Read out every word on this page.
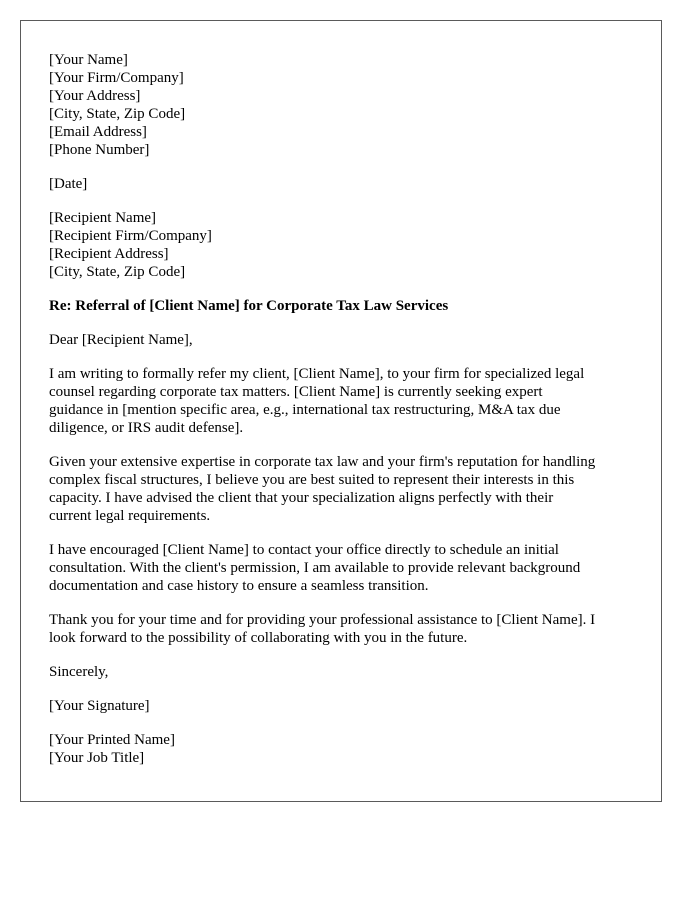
[Your Name]
[Your Firm/Company]
[Your Address]
[City, State, Zip Code]
[Email Address]
[Phone Number]
[Date]
[Recipient Name]
[Recipient Firm/Company]
[Recipient Address]
[City, State, Zip Code]
Re: Referral of [Client Name] for Corporate Tax Law Services
Dear [Recipient Name],

I am writing to formally refer my client, [Client Name], to your firm for specialized legal
counsel regarding corporate tax matters. [Client Name] is currently seeking expert
guidance in [mention specific area, e.g., international tax restructuring, M&A tax due
diligence, or IRS audit defense].

Given your extensive expertise in corporate tax law and your firm's reputation for handling
complex fiscal structures, I believe you are best suited to represent their interests in this
capacity. I have advised the client that your specialization aligns perfectly with their
current legal requirements.

I have encouraged [Client Name] to contact your office directly to schedule an initial
consultation. With the client's permission, I am available to provide relevant background
documentation and case history to ensure a seamless transition.

Thank you for your time and for providing your professional assistance to [Client Name]. I
look forward to the possibility of collaborating with you in the future.

Sincerely,
[Your Signature]
[Your Printed Name]
[Your Job Title]
